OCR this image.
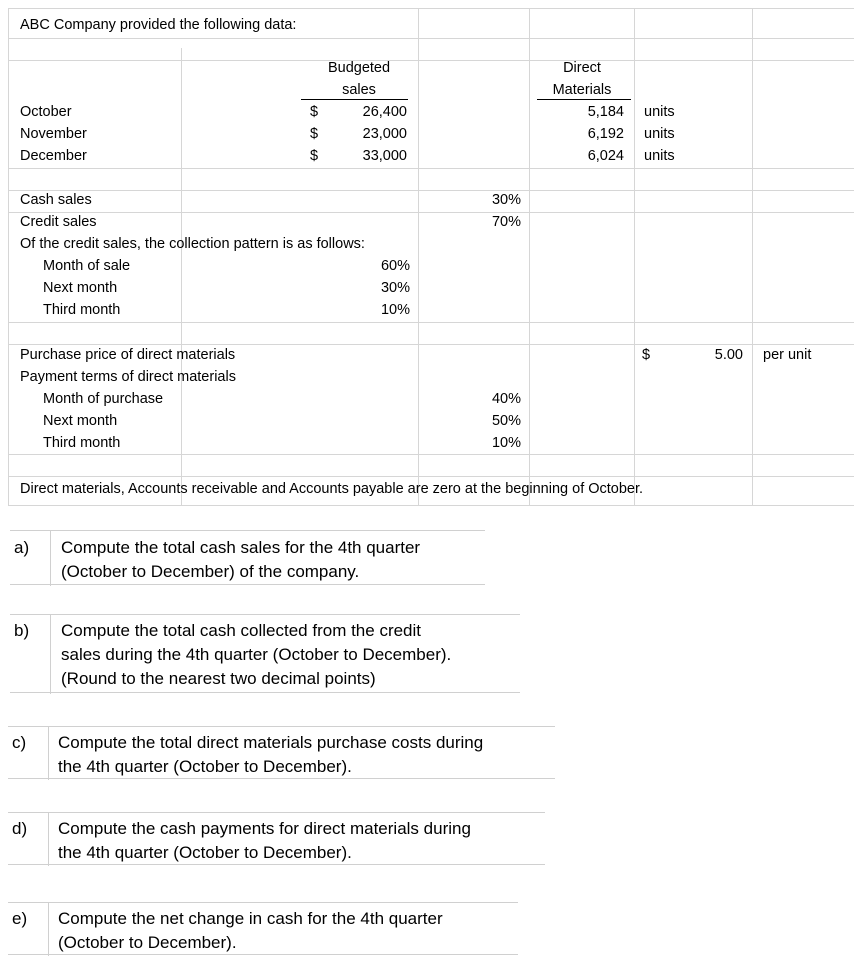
ABC Company provided the following data:
Budgeted
sales
Direct
Materials
October	$	26,400	5,184 units
November	$	23,000	6,192 units
December	$	33,000	6,024 units
Cash sales	30%
Credit sales	70%
Of the credit sales, the collection pattern is as follows:
Month of sale	60%
Next month	30%
Third month	10%
Purchase price of direct materials	$	5.00 per unit
Payment terms of direct materials
Month of purchase	40%
Next month	50%
Third month	10%
Direct materials, Accounts receivable and Accounts payable are zero at the beginning of October.
a) Compute the total cash sales for the 4th quarter
(October to December) of the company.
b) Compute the total cash collected from the credit
sales during the 4th quarter (October to December).
(Round to the nearest two decimal points)
c) Compute the total direct materials purchase costs during
the 4th quarter (October to December).
d) Compute the cash payments for direct materials during
the 4th quarter (October to December).
e) Compute the net change in cash for the 4th quarter
(October to December).
